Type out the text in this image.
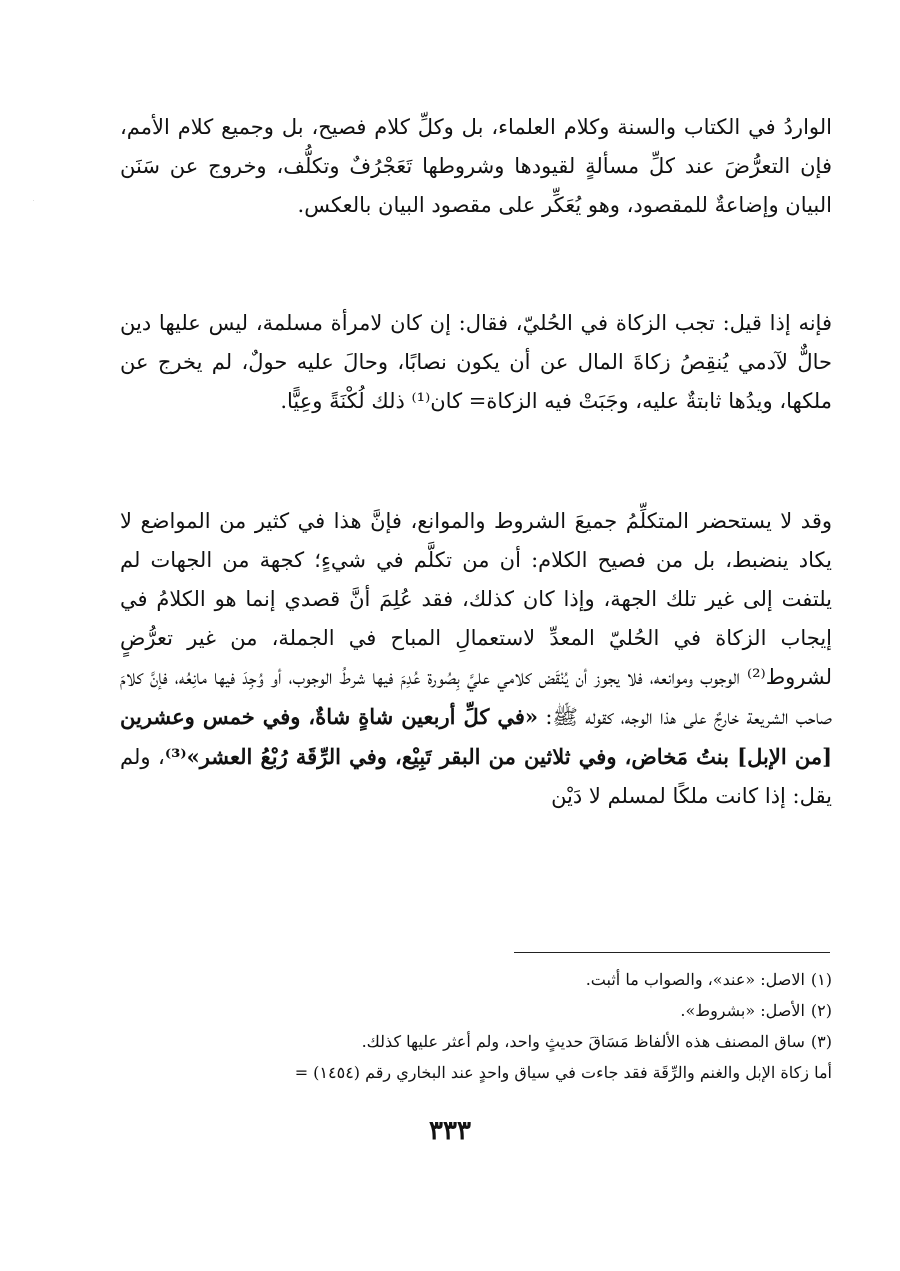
الواردُ في الكتاب والسنة وكلام العلماء، بل وكلِّ كلام فصيح، بل وجميع كلام الأمم، فإن التعرُّضَ عند كلِّ مسألةٍ لقيودها وشروطها تَعَجْرُفٌ وتكلُّف، وخروج عن سَنَن البيان وإضاعةٌ للمقصود، وهو يُعَكِّر على مقصود البيان بالعكس.

فإنه إذا قيل: تجب الزكاة في الحُليّ، فقال: إن كان لامرأة مسلمة، ليس عليها دين حالٌّ لآدمي يُنقِصُ زكاةَ المال عن أن يكون نصابًا، وحالَ عليه حولٌ، لم يخرج عن ملكها، ويدُها ثابتةٌ عليه، وجَبَتْ فيه الزكاة= كان⁽¹⁾ ذلك لُكْنَةً وعِيًّا.

وقد لا يستحضر المتكلِّمُ جميعَ الشروط والموانع، فإنَّ هذا في كثير من المواضع لا يكاد ينضبط، بل من فصيح الكلام: أن من تكلَّم في شيءٍ؛ كجهة من الجهات لم يلتفت إلى غير تلك الجهة، وإذا كان كذلك، فقد عُلِمَ أنَّ قصدي إنما هو الكلامُ في إيجاب الزكاة في الحُليّ المعدِّ لاستعمالِ المباح في الجملة، من غير تعرُّضٍ لشروط⁽²⁾ الوجوب وموانعه، فلا يجوز أن يُنْقَض كلامي عليَّ بِصُورة عُدِمَ فيها شرطُ الوجوب، أو وُجِدَ فيها مانِعُه، فإنَّ كلامَ صاحب الشريعة خارجٌ على هذا الوجه، كقوله ﷺ: «في كلِّ أربعين شاةٍ شاةٌ، وفي خمس وعشرين [من الإبل] بنتُ مَخاض، وفي ثلاثين من البقر تَبِيْع، وفي الرِّقَة رُبْعُ العشر»⁽³⁾، ولم يقل: إذا كانت ملكًا لمسلم لا دَيْن

(١)الاصل: «عند»، والصواب ما أثبت.
(٢)الأصل: «بشروط».
(٣)ساق المصنف هذه الألفاظ مَسَاقَ حديثٍ واحد، ولم أعثر عليها كذلك.
أما زكاة الإبل والغنم والرِّقَة فقد جاءت في سياق واحدٍ عند البخاري رقم (١٤٥٤) =
٣٣٣
